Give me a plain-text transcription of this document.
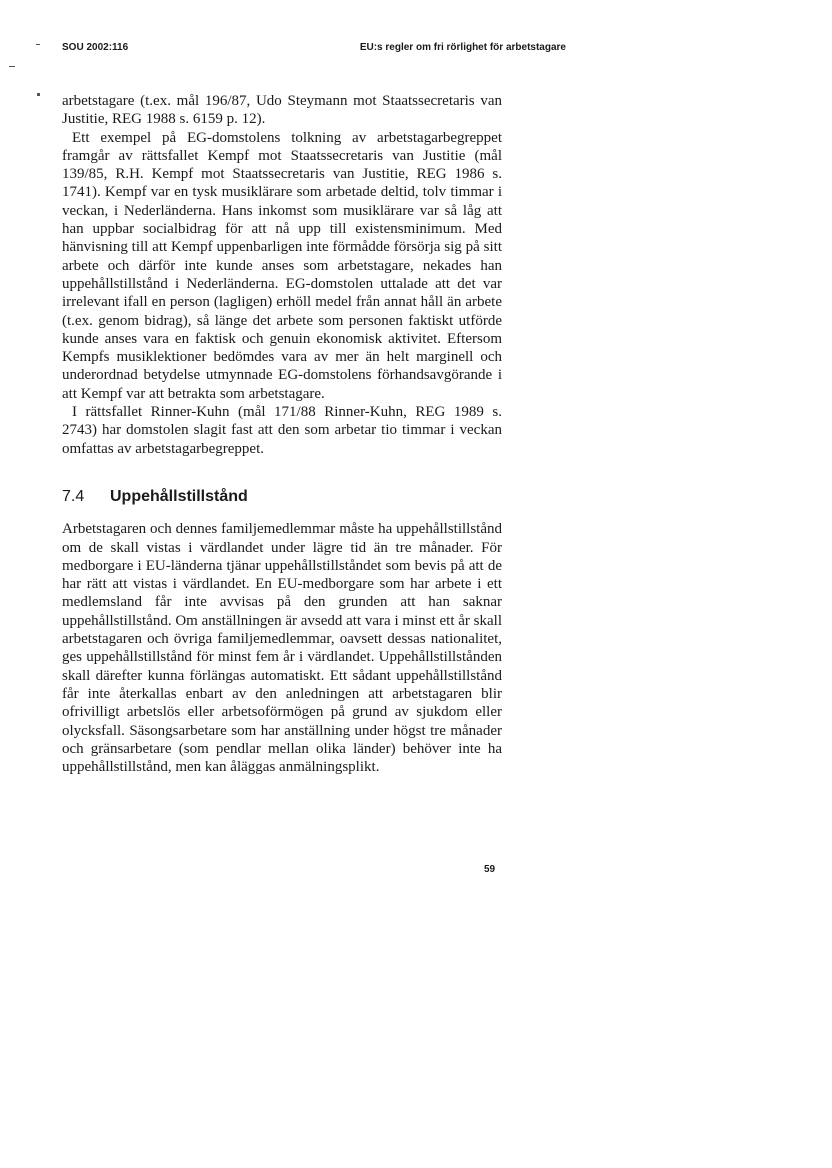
SOU 2002:116	EU:s regler om fri rörlighet för arbetstagare

arbetstagare (t.ex. mål 196/87, Udo Steymann mot Staatssecretaris van Justitie, REG 1988 s. 6159 p. 12).

Ett exempel på EG-domstolens tolkning av arbetstagarbegreppet framgår av rättsfallet Kempf mot Staatssecretaris van Justitie (mål 139/85, R.H. Kempf mot Staatssecretaris van Justitie, REG 1986 s. 1741). Kempf var en tysk musiklärare som arbetade deltid, tolv timmar i veckan, i Nederländerna. Hans inkomst som musiklärare var så låg att han uppbar socialbidrag för att nå upp till existensminimum. Med hänvisning till att Kempf uppenbarligen inte förmådde försörja sig på sitt arbete och därför inte kunde anses som arbetstagare, nekades han uppehållstillstånd i Nederländerna. EG-domstolen uttalade att det var irrelevant ifall en person (lagligen) erhöll medel från annat håll än arbete (t.ex. genom bidrag), så länge det arbete som personen faktiskt utförde kunde anses vara en faktisk och genuin ekonomisk aktivitet. Eftersom Kempfs musiklektioner bedömdes vara av mer än helt marginell och underordnad betydelse utmynnade EG-domstolens förhandsavgörande i att Kempf var att betrakta som arbetstagare.

I rättsfallet Rinner-Kuhn (mål 171/88 Rinner-Kuhn, REG 1989 s. 2743) har domstolen slagit fast att den som arbetar tio timmar i veckan omfattas av arbetstagarbegreppet.

7.4	Uppehållstillstånd

Arbetstagaren och dennes familjemedlemmar måste ha uppehållstillstånd om de skall vistas i värdlandet under lägre tid än tre månader. För medborgare i EU-länderna tjänar uppehållstillståndet som bevis på att de har rätt att vistas i värdlandet. En EU-medborgare som har arbete i ett medlemsland får inte avvisas på den grunden att han saknar uppehållstillstånd. Om anställningen är avsedd att vara i minst ett år skall arbetstagaren och övriga familjemedlemmar, oavsett dessas nationalitet, ges uppehållstillstånd för minst fem år i värdlandet. Uppehållstillstånden skall därefter kunna förlängas automatiskt. Ett sådant uppehållstillstånd får inte återkallas enbart av den anledningen att arbetstagaren blir ofrivilligt arbetslös eller arbetsoförmögen på grund av sjukdom eller olycksfall. Säsongsarbetare som har anställning under högst tre månader och gränsarbetare (som pendlar mellan olika länder) behöver inte ha uppehållstillstånd, men kan åläggas anmälningsplikt.

59
